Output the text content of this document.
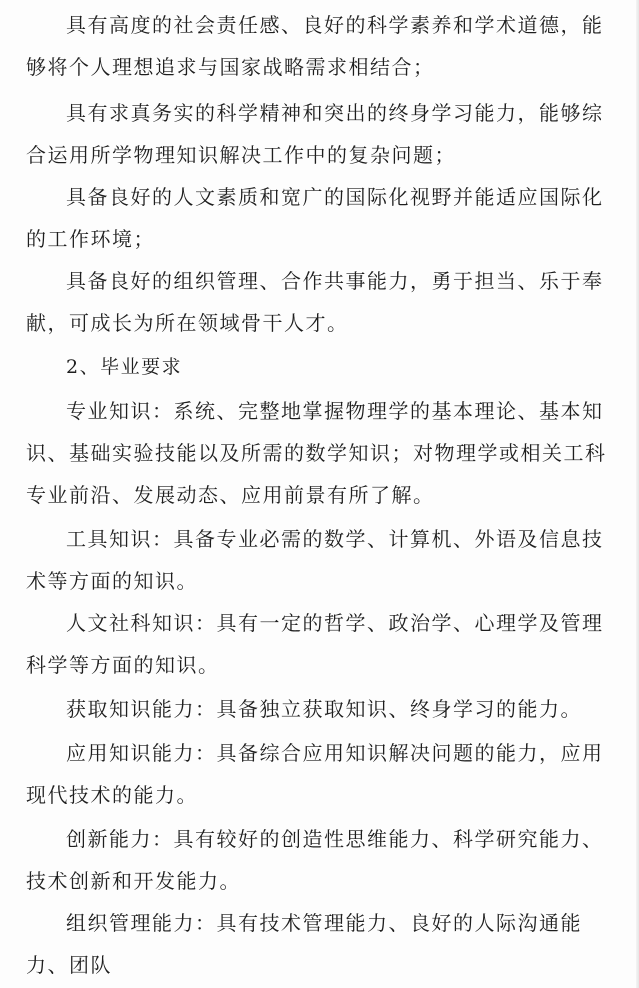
具有高度的社会责任感、良好的科学素养和学术道德，能够将个人理想追求与国家战略需求相结合；

具有求真务实的科学精神和突出的终身学习能力，能够综合运用所学物理知识解决工作中的复杂问题；

具备良好的人文素质和宽广的国际化视野并能适应国际化的工作环境；

具备良好的组织管理、合作共事能力，勇于担当、乐于奉献，可成长为所在领域骨干人才。

2、毕业要求

专业知识：系统、完整地掌握物理学的基本理论、基本知识、基础实验技能以及所需的数学知识；对物理学或相关工科专业前沿、发展动态、应用前景有所了解。

工具知识：具备专业必需的数学、计算机、外语及信息技术等方面的知识。

人文社科知识：具有一定的哲学、政治学、心理学及管理科学等方面的知识。

获取知识能力：具备独立获取知识、终身学习的能力。

应用知识能力：具备综合应用知识解决问题的能力，应用现代技术的能力。

创新能力：具有较好的创造性思维能力、科学研究能力、技术创新和开发能力。

组织管理能力：具有技术管理能力、良好的人际沟通能力、团队
